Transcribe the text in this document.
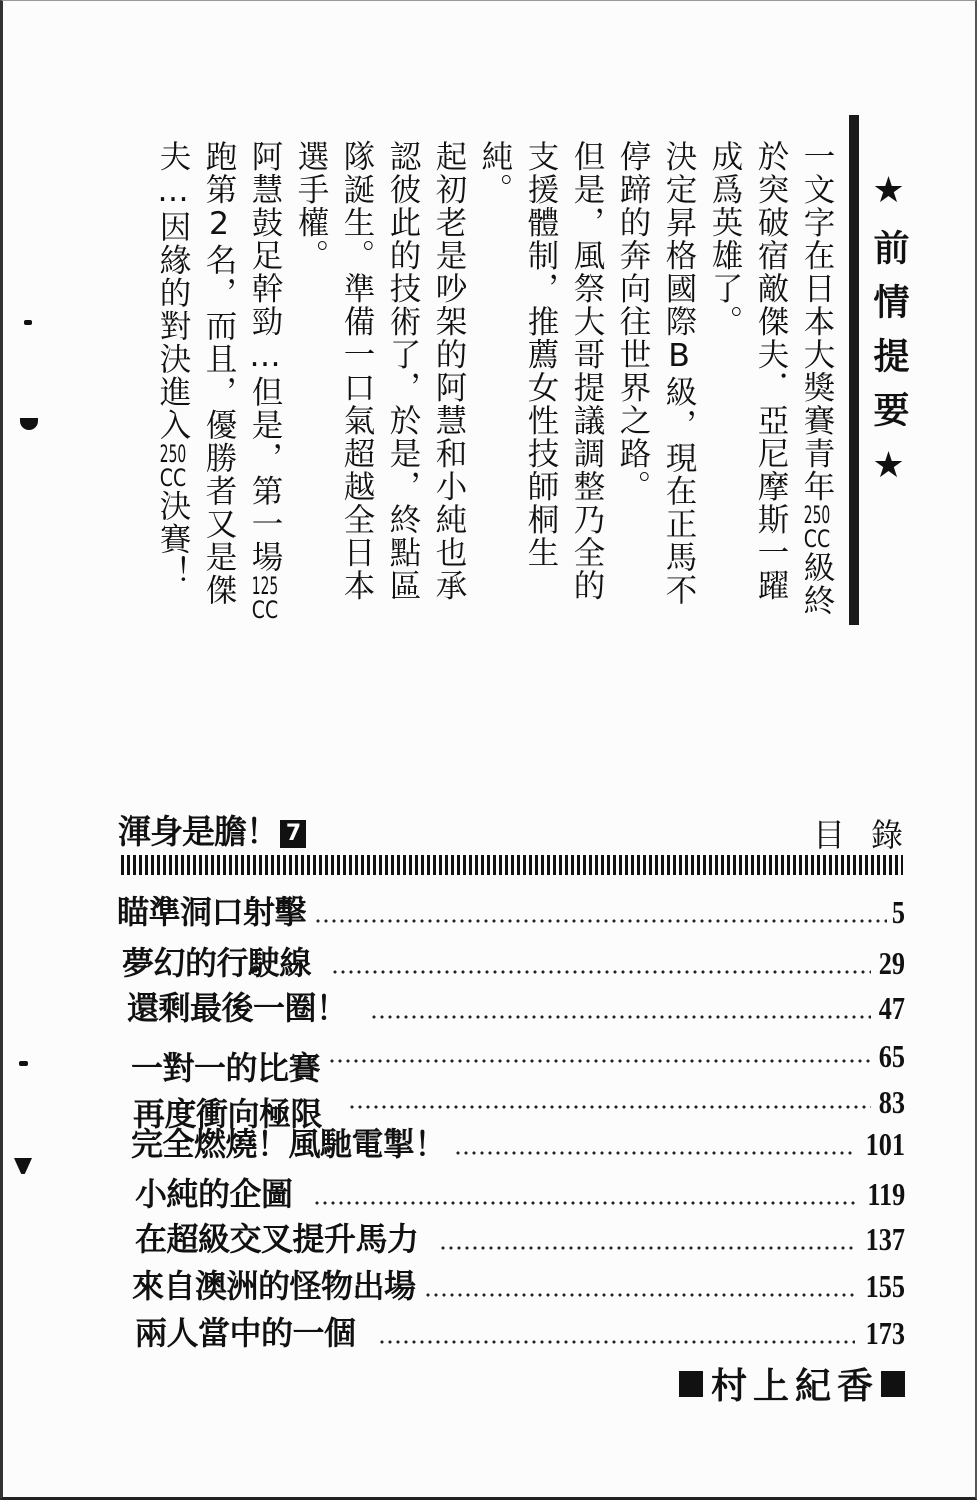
★前情提要★

一文字在日本大獎賽青年250CC級終於突破宿敵傑夫．亞尼摩斯一躍成爲英雄了。

決定昇格國際B級，現在正馬不停蹄的奔向往世界之路。

但是，風祭大哥提議調整乃全的支援體制，推薦女性技師桐生純。

起初老是吵架的阿慧和小純也承認彼此的技術了，於是，終點區隊誕生。準備一口氣超越全日本選手權。

阿慧鼓足幹勁…但是，第一場125CC跑第2名，而且，優勝者又是傑夫…因緣的對決進入250CC決賽！

渾身是膽！ 7	目錄
瞄準洞口射擊	5
夢幻的行駛線	29
還剩最後一圈！	47
一對一的比賽	65
再度衝向極限	83
完全燃燒！風馳電掣！	101
小純的企圖	119
在超級交叉提升馬力	137
來自澳洲的怪物出場	155
兩人當中的一個	173
村上紀香
